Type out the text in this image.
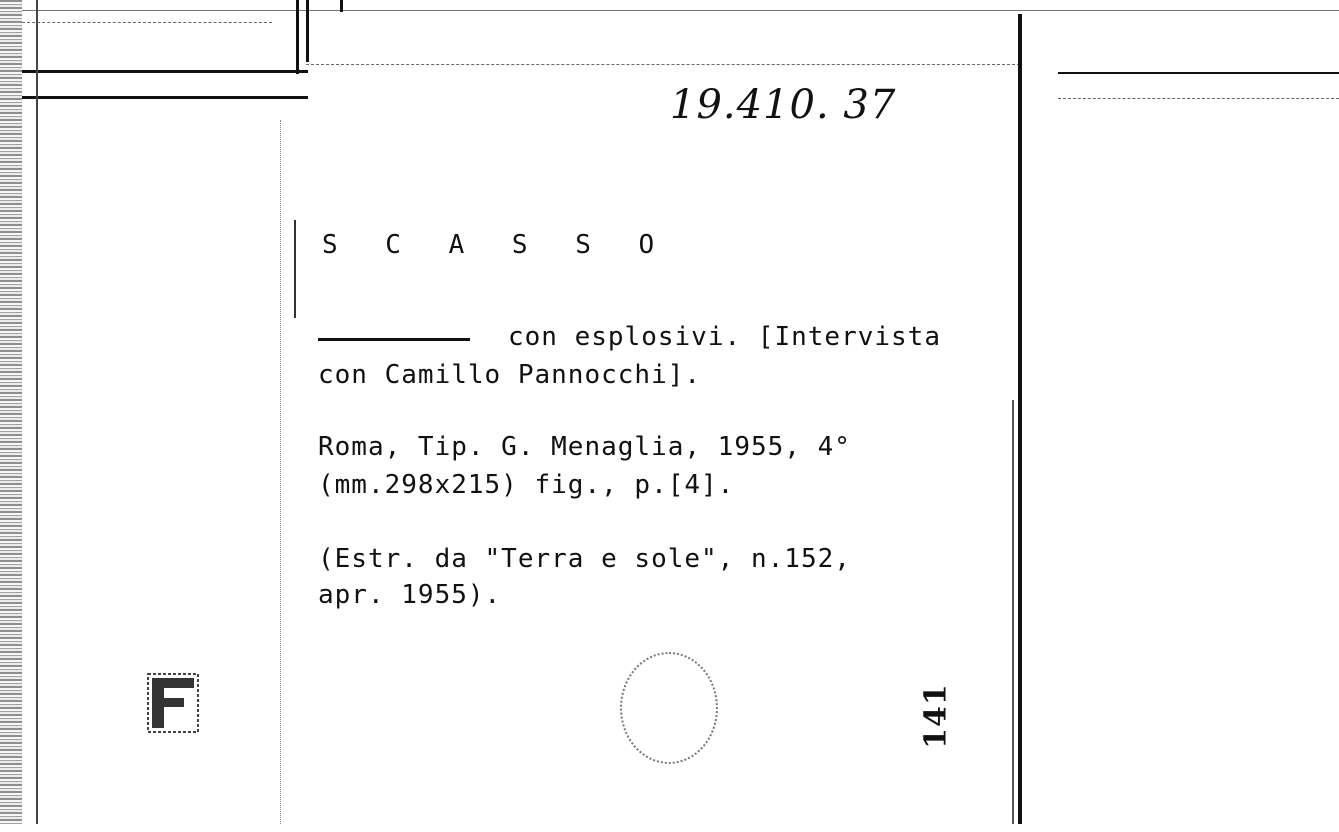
19.410. 37
S C A S S O
con esplosivi. [Intervista
con Camillo Pannocchi].
Roma, Tip. G. Menaglia, 1955, 4°
(mm.298x215) fig., p.[4].
(Estr. da "Terra e sole", n.152,
apr. 1955).
141
